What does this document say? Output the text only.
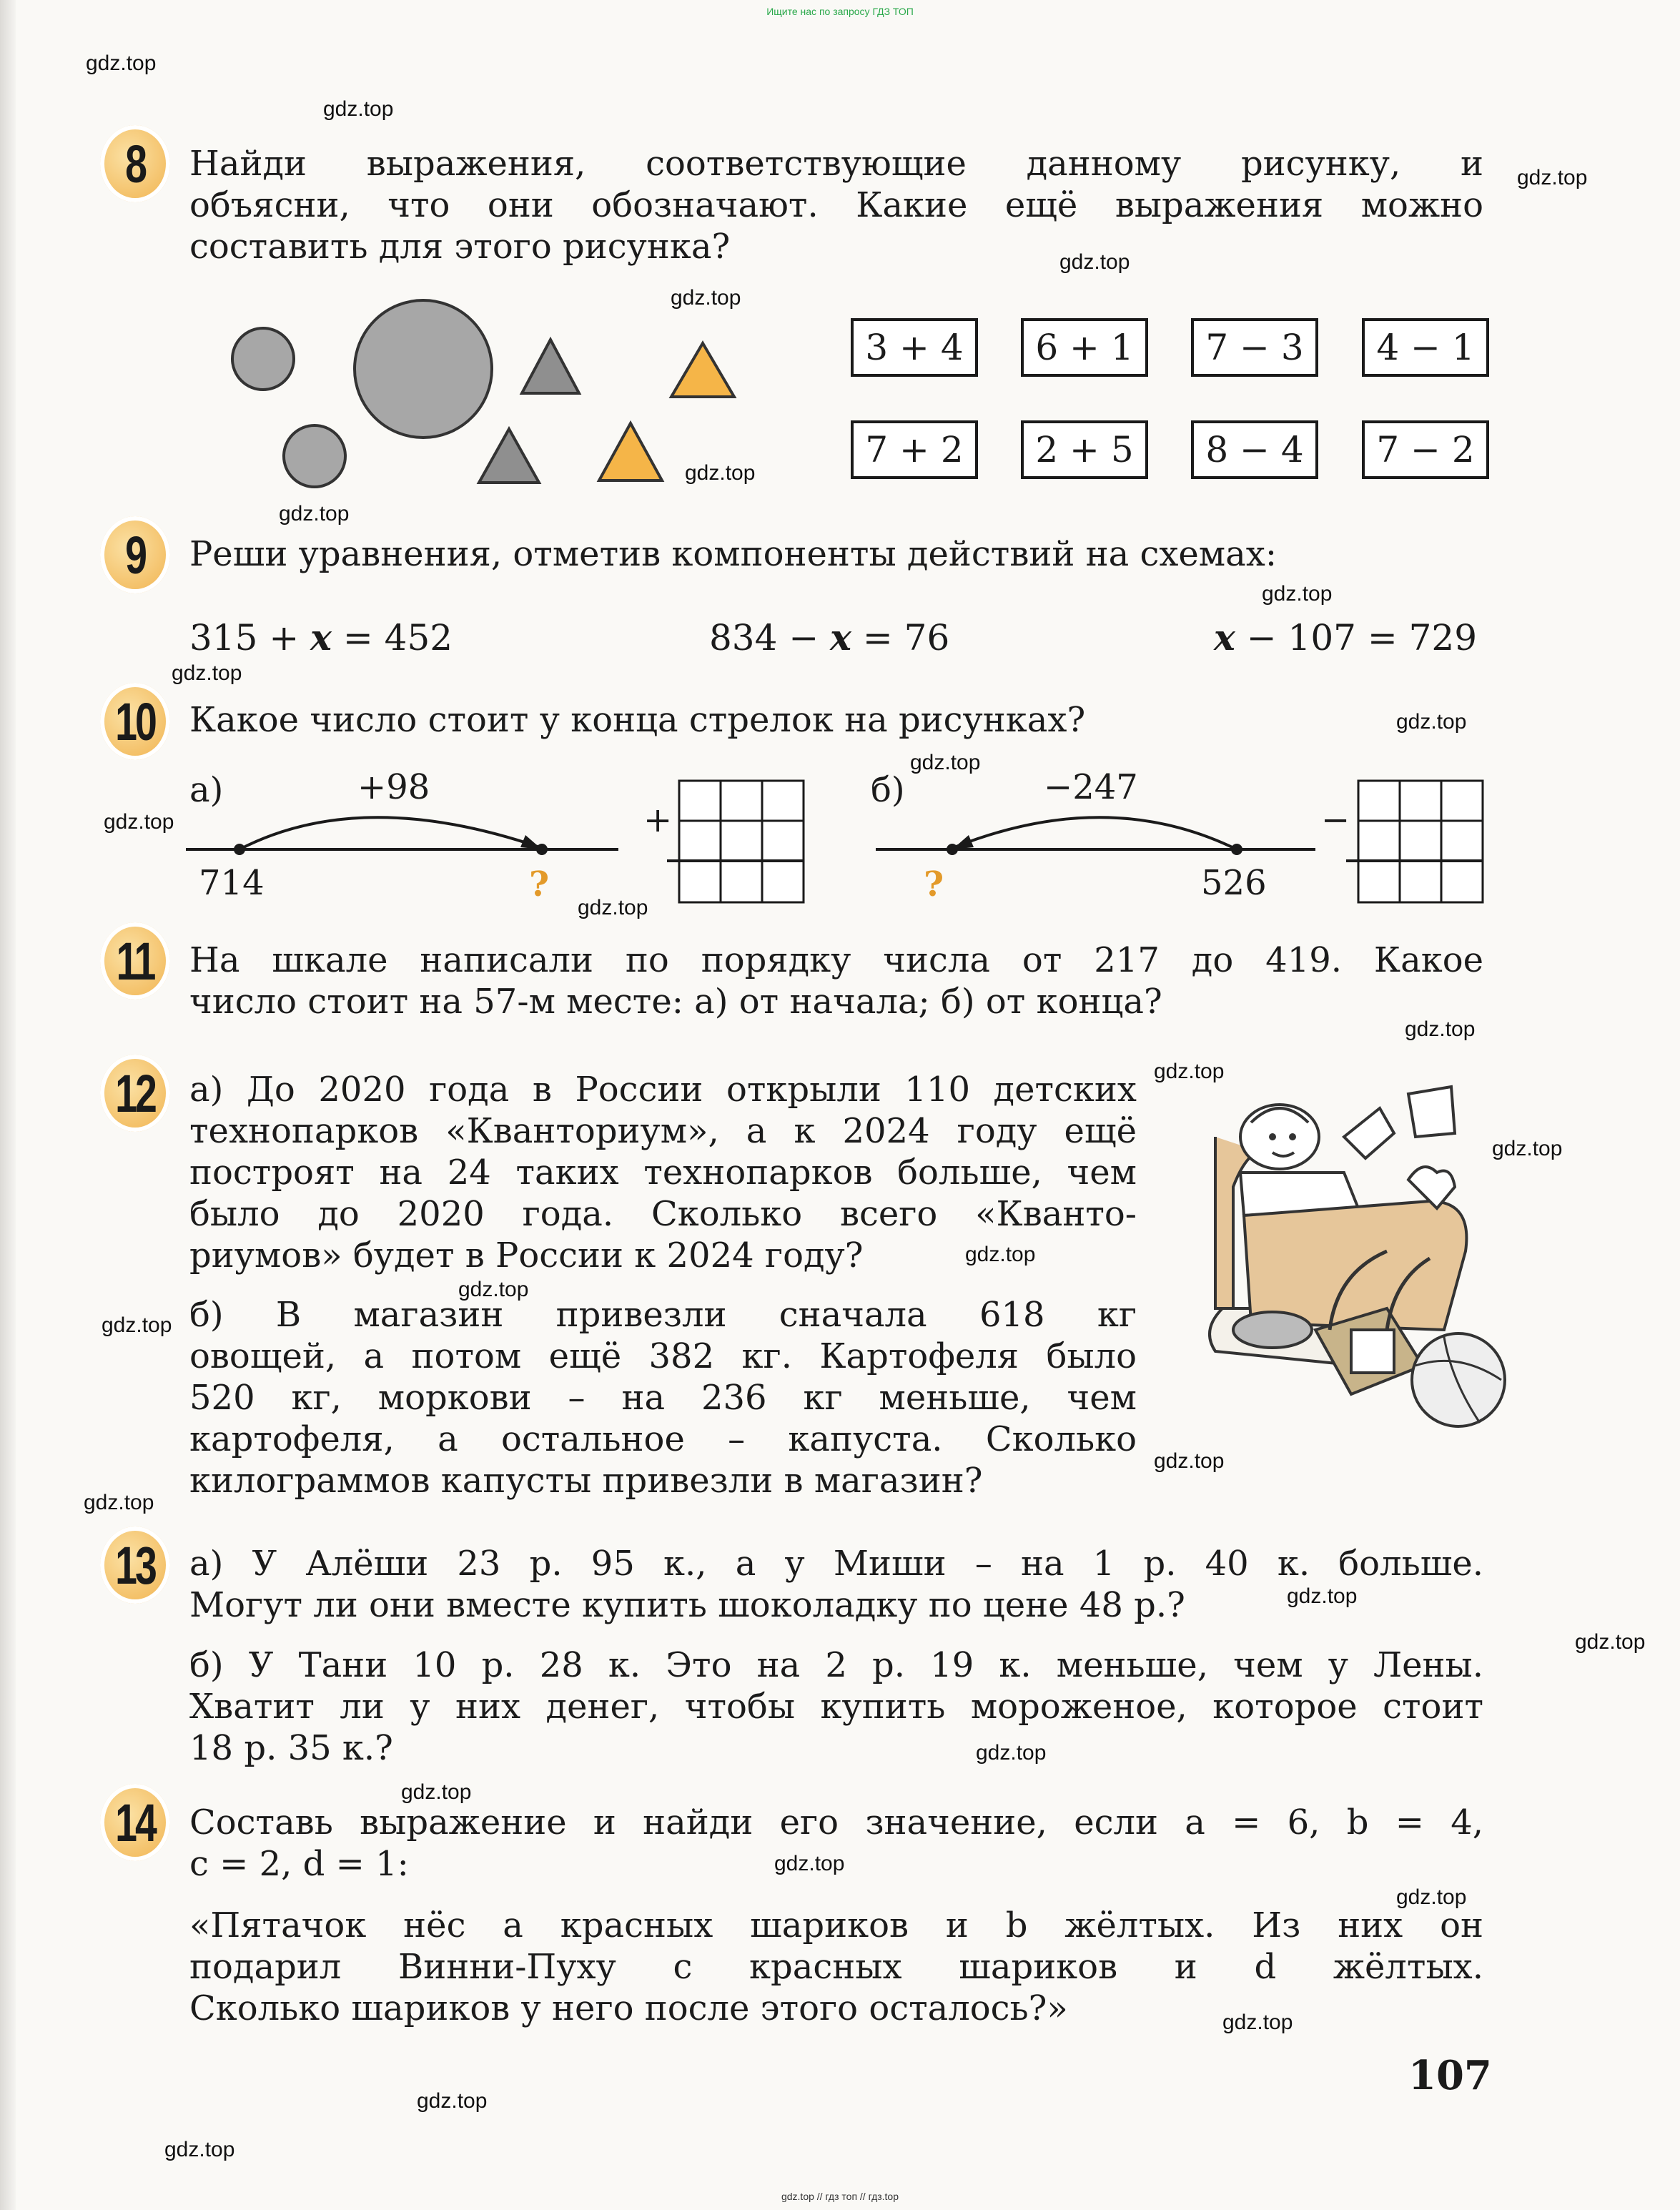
Ищите нас по запросу ГДЗ ТОП
gdz.top
gdz.top
gdz.top
gdz.top
gdz.top
gdz.top
gdz.top
gdz.top
gdz.top
gdz.top
gdz.top
gdz.top
gdz.top
gdz.top
gdz.top
gdz.top
gdz.top
gdz.top
gdz.top
gdz.top
gdz.top
gdz.top
gdz.top
gdz.top
gdz.top
gdz.top
gdz.top
gdz.top
gdz.top
gdz.top
8	Найди выражения, соответствующие данному рисунку, и
объясни, что они обозначают. Какие ещё выражения можно
составить для этого рисунка?
3 + 4	6 + 1	7 − 3	4 − 1
7 + 2	2 + 5	8 − 4	7 − 2
9	Реши уравнения, отметив компоненты действий на схемах:
315 + x = 452	834 − x = 76	x − 107 = 729
10 Какое число стоит у конца стрелок на рисунках?
а)	+98
714	?
+
б)	−247
?	526
−
11 На шкале написали по порядку числа от 217 до 419. Какое
число стоит на 57-м месте: а) от начала; б) от конца?
12 а) До 2020 года в России открыли 110 детских
технопарков «Кванториум», а к 2024 году ещё
построят на 24 таких технопарков больше, чем
было до 2020 года. Сколько всего «Кванто-
риумов» будет в России к 2024 году?
б) В магазин привезли сначала 618 кг
овощей, а потом ещё 382 кг. Картофеля было
520 кг, моркови – на 236 кг меньше, чем
картофеля, а остальное – капуста. Сколько
килограммов капусты привезли в магазин?
13 а) У Алёши 23 р. 95 к., а у Миши – на 1 р. 40 к. больше.
Могут ли они вместе купить шоколадку по цене 48 р.?
б) У Тани 10 р. 28 к. Это на 2 р. 19 к. меньше, чем у Лены.
Хватит ли у них денег, чтобы купить мороженое, которое стоит
18 р. 35 к.?
14 Составь выражение и найди его значение, если a = 6, b = 4,
c = 2, d = 1:
«Пятачок нёс a красных шариков и b жёлтых. Из них он
подарил Винни-Пуху c красных шариков и d жёлтых.
Сколько шариков у него после этого осталось?»
107
gdz.top // гдз топ // гдз.top
